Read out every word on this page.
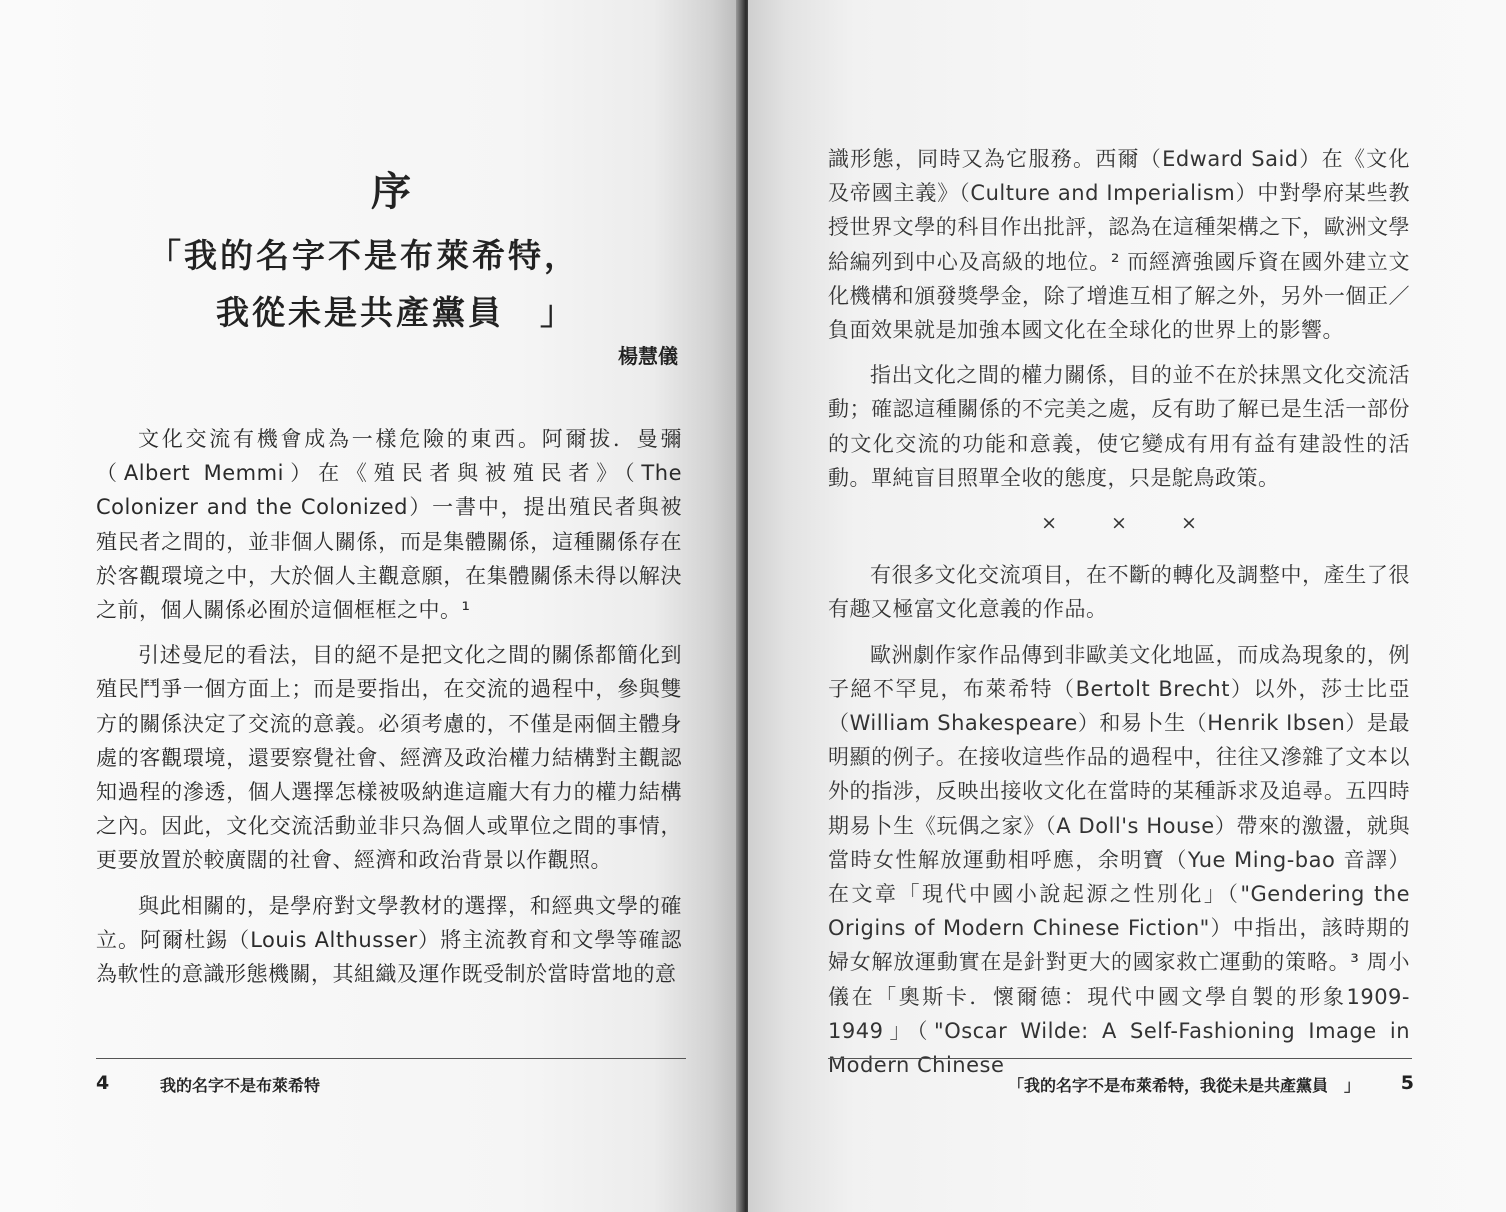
序
「我的名字不是布萊希特，
我從未是共產黨員　」
楊慧儀

文化交流有機會成為一樣危險的東西。阿爾拔．曼彌（Albert Memmi）在《殖民者與被殖民者》（The Colonizer and the Colonized）一書中，提出殖民者與被殖民者之間的，並非個人關係，而是集體關係，這種關係存在於客觀環境之中，大於個人主觀意願，在集體關係未得以解決之前，個人關係必囿於這個框框之中。¹

引述曼尼的看法，目的絕不是把文化之間的關係都簡化到殖民鬥爭一個方面上；而是要指出，在交流的過程中，參與雙方的關係決定了交流的意義。必須考慮的，不僅是兩個主體身處的客觀環境，還要察覺社會、經濟及政治權力結構對主觀認知過程的滲透，個人選擇怎樣被吸納進這龐大有力的權力結構之內。因此，文化交流活動並非只為個人或單位之間的事情，更要放置於較廣闊的社會、經濟和政治背景以作觀照。

與此相關的，是學府對文學教材的選擇，和經典文學的確立。阿爾杜錫（Louis Althusser）將主流教育和文學等確認為軟性的意識形態機關，其組織及運作既受制於當時當地的意

4	我的名字不是布萊希特

識形態，同時又為它服務。西爾（Edward Said）在《文化及帝國主義》（Culture and Imperialism）中對學府某些教授世界文學的科目作出批評，認為在這種架構之下，歐洲文學給編列到中心及高級的地位。² 而經濟強國斥資在國外建立文化機構和頒發獎學金，除了增進互相了解之外，另外一個正／負面效果就是加強本國文化在全球化的世界上的影響。

指出文化之間的權力關係，目的並不在於抹黑文化交流活動；確認這種關係的不完美之處，反有助了解已是生活一部份的文化交流的功能和意義，使它變成有用有益有建設性的活動。單純盲目照單全收的態度，只是鴕鳥政策。

×××

有很多文化交流項目，在不斷的轉化及調整中，產生了很有趣又極富文化意義的作品。

歐洲劇作家作品傳到非歐美文化地區，而成為現象的，例子絕不罕見，布萊希特（Bertolt Brecht）以外，莎士比亞（William Shakespeare）和易卜生（Henrik Ibsen）是最明顯的例子。在接收這些作品的過程中，往往又滲雜了文本以外的指涉，反映出接收文化在當時的某種訴求及追尋。五四時期易卜生《玩偶之家》（A Doll's House）帶來的激盪，就與當時女性解放運動相呼應，余明寶（Yue Ming-bao 音譯）在文章「現代中國小說起源之性別化」（"Gendering the Origins of Modern Chinese Fiction"）中指出，該時期的婦女解放運動實在是針對更大的國家救亡運動的策略。³ 周小儀在「奧斯卡．懷爾德：現代中國文學自製的形象1909-1949」（"Oscar Wilde: A Self-Fashioning Image in Modern Chinese

「我的名字不是布萊希特，我從未是共產黨員　」 5
